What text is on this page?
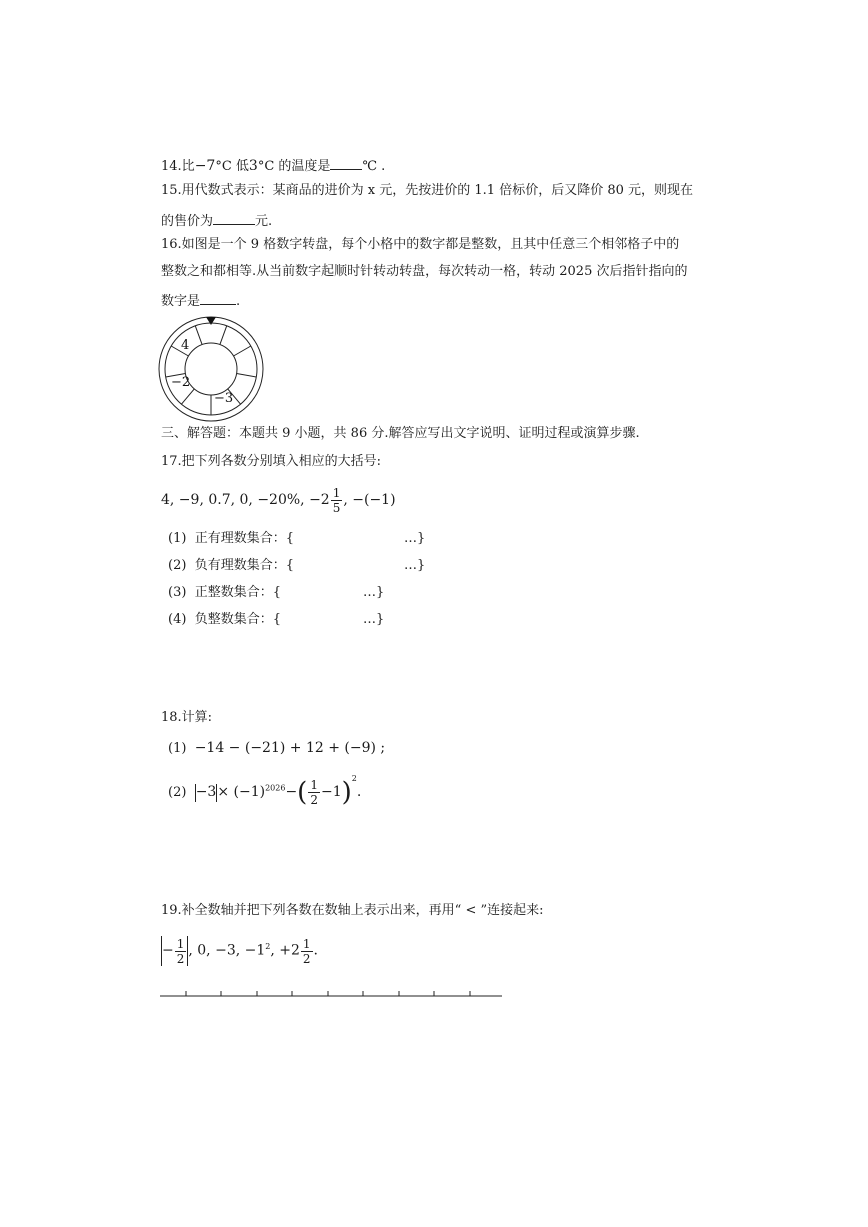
14.比−7°C 低3°C 的温度是 ℃ .
15.用代数式表示：某商品的进价为 x 元，先按进价的 1.1 倍标价，后又降价 80 元，则现在
的售价为	元.
16.如图是一个 9 格数字转盘，每个小格中的数字都是整数，且其中任意三个相邻格子中的
整数之和都相等.从当前数字起顺时针转动转盘，每次转动一格，转动 2025 次后指针指向的
数字是	.
4
−2
−3
三、解答题：本题共 9 小题，共 86 分.解答应写出文字说明、证明过程或演算步骤.
17.把下列各数分别填入相应的大括号:
4, −9, 0.7, 0, −20%, $-2 \frac{1}{5}$ , −(−1)
(1) 正有理数集合：{	…}
(2) 负有理数集合：{	…}
(3) 正整数集合：{	…}
(4) 负整数集合：{	…}
18.计算:
(1) −14 − (−21) + 12 + (−9) ;
$(2) -3\times (-1)^{2026}-( \frac{1}{2} -1)^2$.
19.补全数轴并把下列各数在数轴上表示出来，再用“ < ”连接起来:
− $\frac{1}{2}$ , 0, −3, $-1^2$, $+2 \frac{1}{2}$ .
